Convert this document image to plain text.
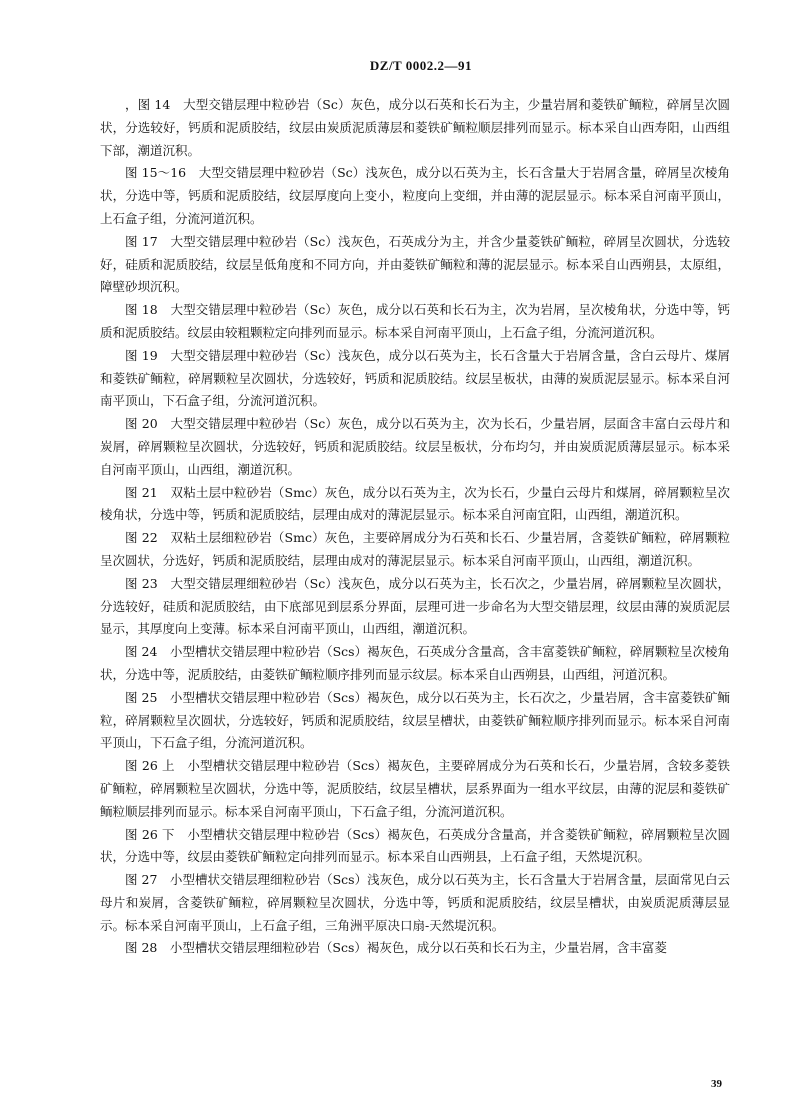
DZ/T 0002.2—91

，图 14　大型交错层理中粒砂岩（Sc）灰色，成分以石英和长石为主，少量岩屑和菱铁矿鲕粒，碎屑呈次圆状，分选较好，钙质和泥质胶结，纹层由炭质泥质薄层和菱铁矿鲕粒顺层排列而显示。标本采自山西寿阳，山西组下部，潮道沉积。

图 15～16　大型交错层理中粒砂岩（Sc）浅灰色，成分以石英为主，长石含量大于岩屑含量，碎屑呈次棱角状，分选中等，钙质和泥质胶结，纹层厚度向上变小，粒度向上变细，并由薄的泥层显示。标本采自河南平顶山，上石盒子组，分流河道沉积。

图 17　大型交错层理中粒砂岩（Sc）浅灰色，石英成分为主，并含少量菱铁矿鲕粒，碎屑呈次圆状，分选较好，硅质和泥质胶结，纹层呈低角度和不同方向，并由菱铁矿鲕粒和薄的泥层显示。标本采自山西朔县，太原组，障壁砂坝沉积。

图 18　大型交错层理中粒砂岩（Sc）灰色，成分以石英和长石为主，次为岩屑，呈次棱角状，分选中等，钙质和泥质胶结。纹层由较粗颗粒定向排列而显示。标本采自河南平顶山，上石盒子组，分流河道沉积。

图 19　大型交错层理中粒砂岩（Sc）浅灰色，成分以石英为主，长石含量大于岩屑含量，含白云母片、煤屑和菱铁矿鲕粒，碎屑颗粒呈次圆状，分选较好，钙质和泥质胶结。纹层呈板状，由薄的炭质泥层显示。标本采自河南平顶山，下石盒子组，分流河道沉积。

图 20　大型交错层理中粒砂岩（Sc）灰色，成分以石英为主，次为长石，少量岩屑，层面含丰富白云母片和炭屑，碎屑颗粒呈次圆状，分选较好，钙质和泥质胶结。纹层呈板状，分布均匀，并由炭质泥质薄层显示。标本采自河南平顶山，山西组，潮道沉积。

图 21　双粘土层中粒砂岩（Smc）灰色，成分以石英为主，次为长石，少量白云母片和煤屑，碎屑颗粒呈次棱角状，分选中等，钙质和泥质胶结，层理由成对的薄泥层显示。标本采自河南宜阳，山西组，潮道沉积。

图 22　双粘土层细粒砂岩（Smc）灰色，主要碎屑成分为石英和长石、少量岩屑，含菱铁矿鲕粒，碎屑颗粒呈次圆状，分选好，钙质和泥质胶结，层理由成对的薄泥层显示。标本采自河南平顶山，山西组，潮道沉积。

图 23　大型交错层理细粒砂岩（Sc）浅灰色，成分以石英为主，长石次之，少量岩屑，碎屑颗粒呈次圆状，分选较好，硅质和泥质胶结，由下底部见到层系分界面，层理可进一步命名为大型交错层理，纹层由薄的炭质泥层显示，其厚度向上变薄。标本采自河南平顶山，山西组，潮道沉积。

图 24　小型槽状交错层理中粒砂岩（Scs）褐灰色，石英成分含量高，含丰富菱铁矿鲕粒，碎屑颗粒呈次棱角状，分选中等，泥质胶结，由菱铁矿鲕粒顺序排列而显示纹层。标本采自山西朔县，山西组，河道沉积。

图 25　小型槽状交错层理中粒砂岩（Scs）褐灰色，成分以石英为主，长石次之，少量岩屑，含丰富菱铁矿鲕粒，碎屑颗粒呈次圆状，分选较好，钙质和泥质胶结，纹层呈槽状，由菱铁矿鲕粒顺序排列而显示。标本采自河南平顶山，下石盒子组，分流河道沉积。

图 26 上　小型槽状交错层理中粒砂岩（Scs）褐灰色，主要碎屑成分为石英和长石，少量岩屑，含较多菱铁矿鲕粒，碎屑颗粒呈次圆状，分选中等，泥质胶结，纹层呈槽状，层系界面为一组水平纹层，由薄的泥层和菱铁矿鲕粒顺层排列而显示。标本采自河南平顶山，下石盒子组，分流河道沉积。

图 26 下　小型槽状交错层理中粒砂岩（Scs）褐灰色，石英成分含量高，并含菱铁矿鲕粒，碎屑颗粒呈次圆状，分选中等，纹层由菱铁矿鲕粒定向排列而显示。标本采自山西朔县，上石盒子组，天然堤沉积。

图 27　小型槽状交错层理细粒砂岩（Scs）浅灰色，成分以石英为主，长石含量大于岩屑含量，层面常见白云母片和炭屑，含菱铁矿鲕粒，碎屑颗粒呈次圆状，分选中等，钙质和泥质胶结，纹层呈槽状，由炭质泥质薄层显示。标本采自河南平顶山，上石盒子组，三角洲平原决口扇-天然堤沉积。

图 28　小型槽状交错层理细粒砂岩（Scs）褐灰色，成分以石英和长石为主，少量岩屑，含丰富菱

39
